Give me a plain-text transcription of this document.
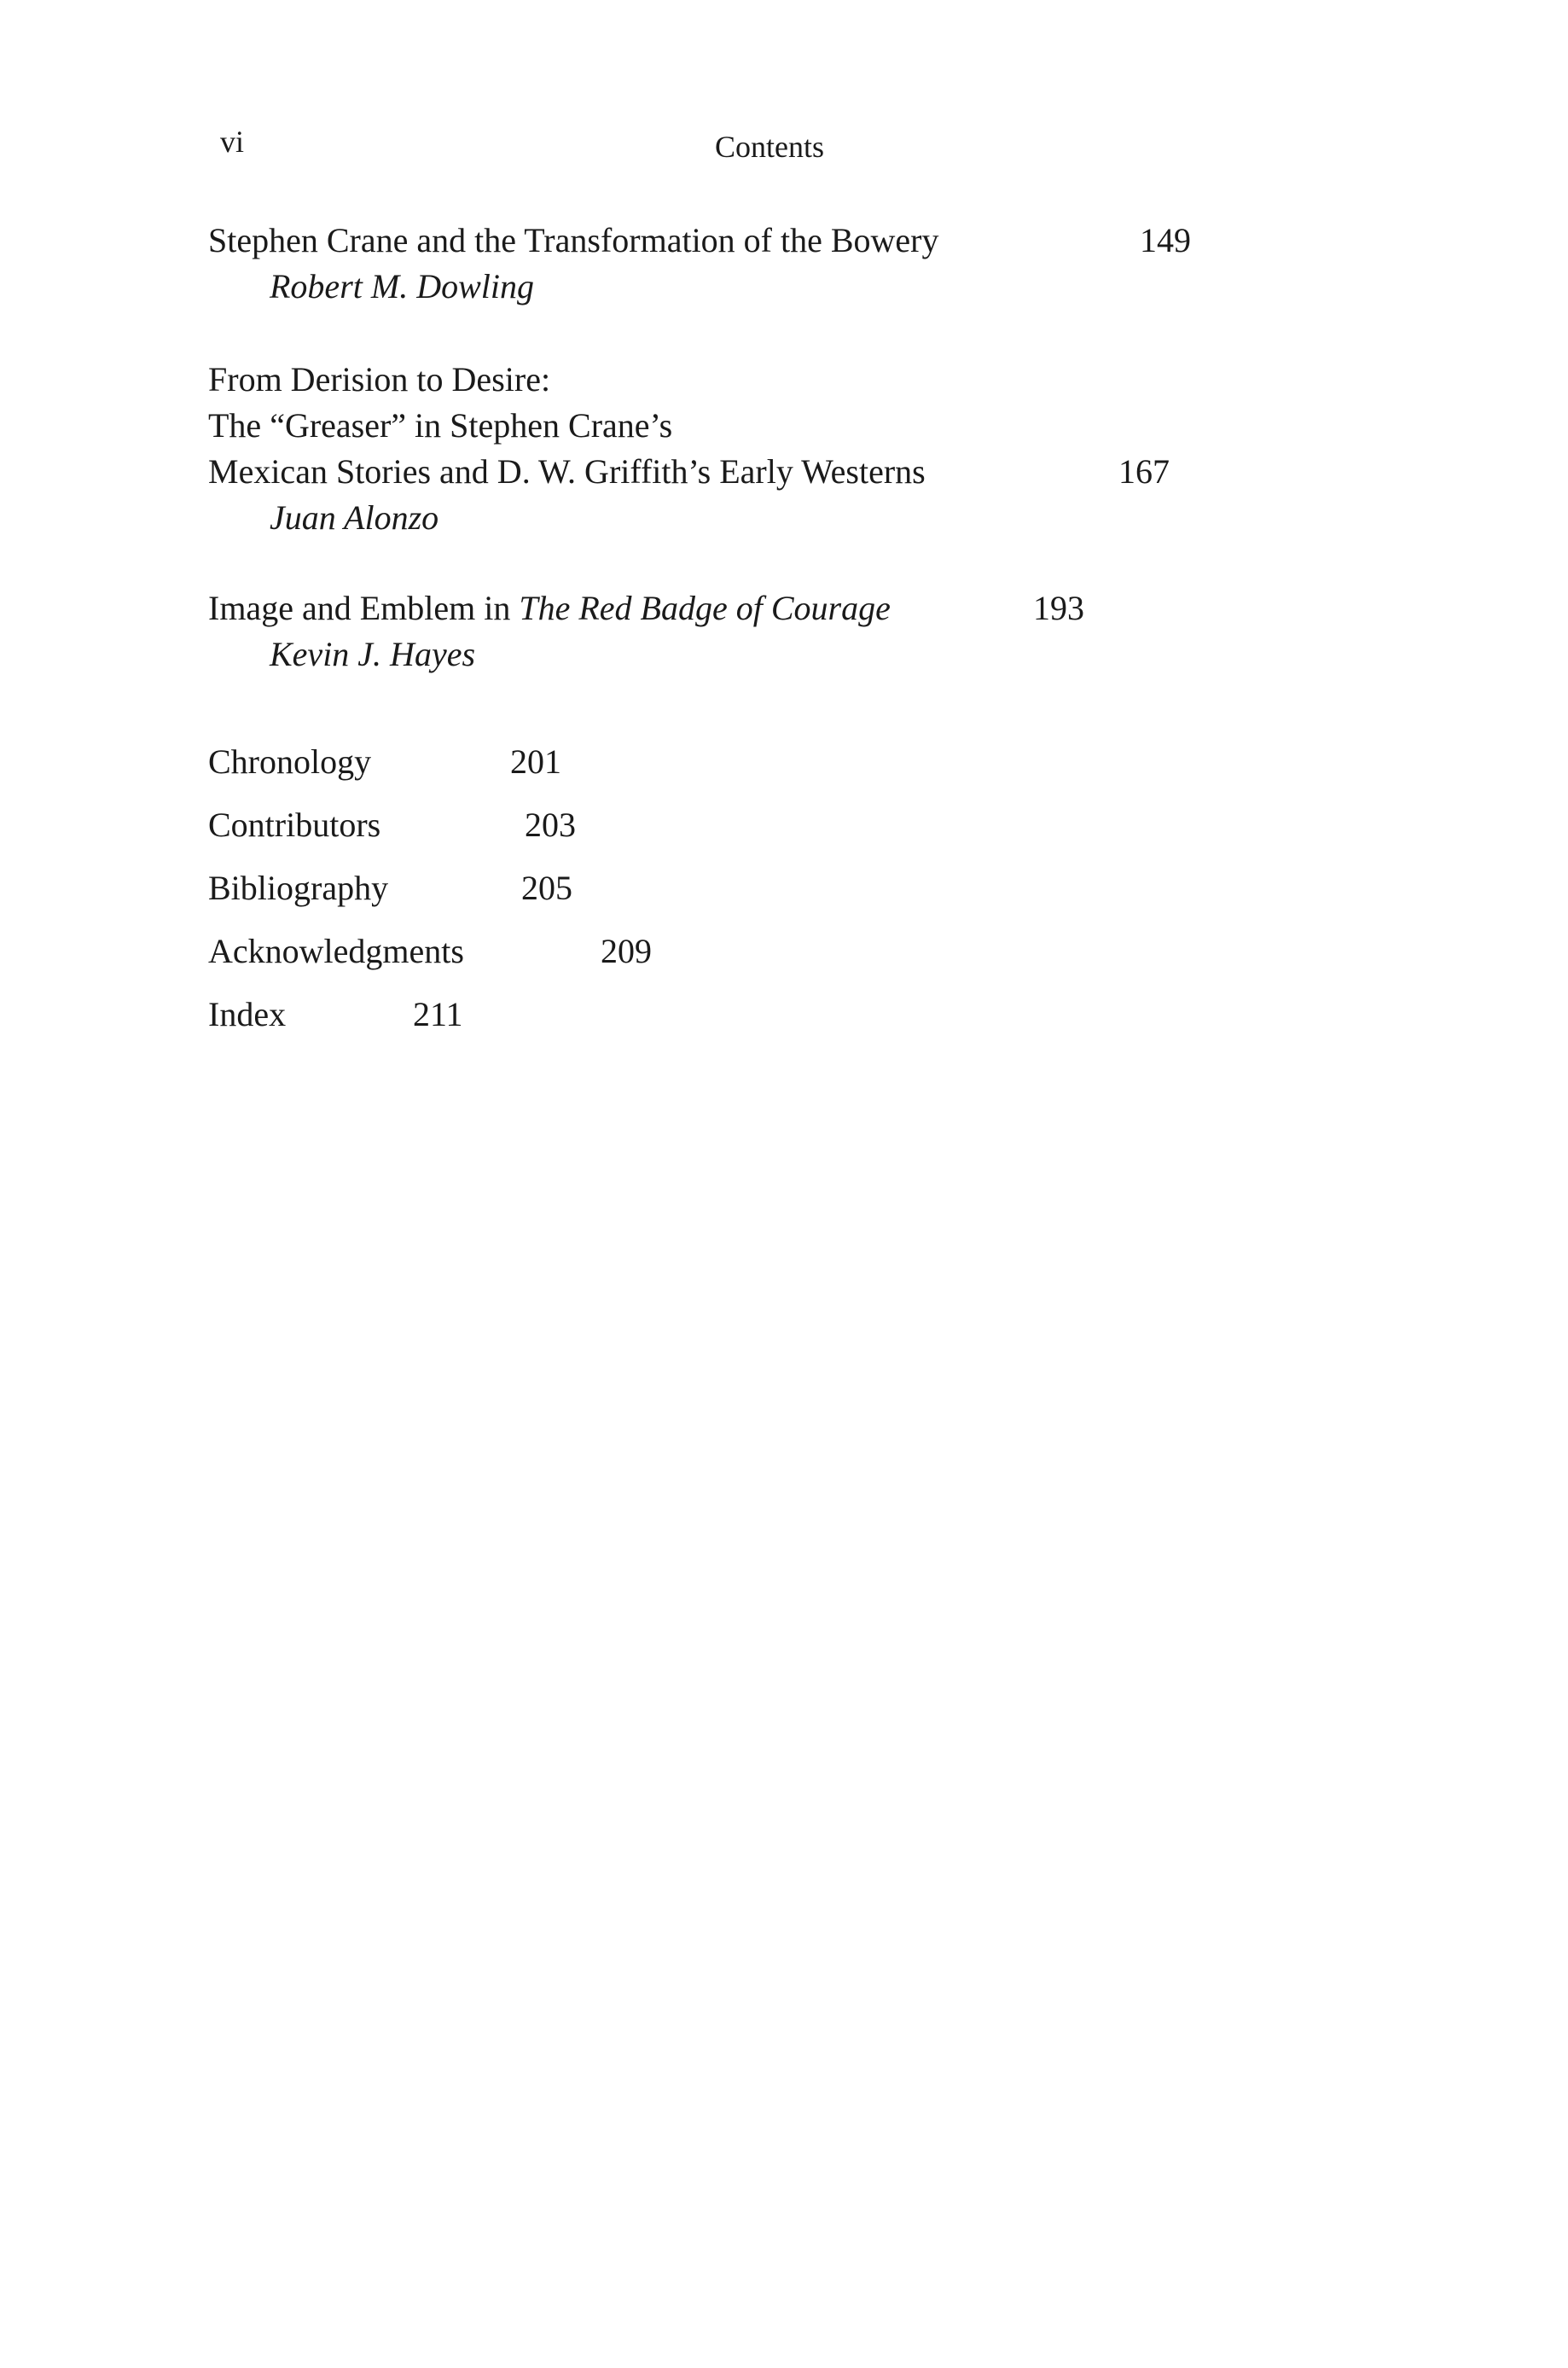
vi	Contents
Stephen Crane and the Transformation of the Bowery	149
Robert M. Dowling
From Derision to Desire:
The “Greaser” in Stephen Crane’s
Mexican Stories and D. W. Griffith’s Early Westerns	167
Juan Alonzo
Image and Emblem in The Red Badge of Courage	193
Kevin J. Hayes
Chronology	201
Contributors	203
Bibliography	205
Acknowledgments	209
Index	211
